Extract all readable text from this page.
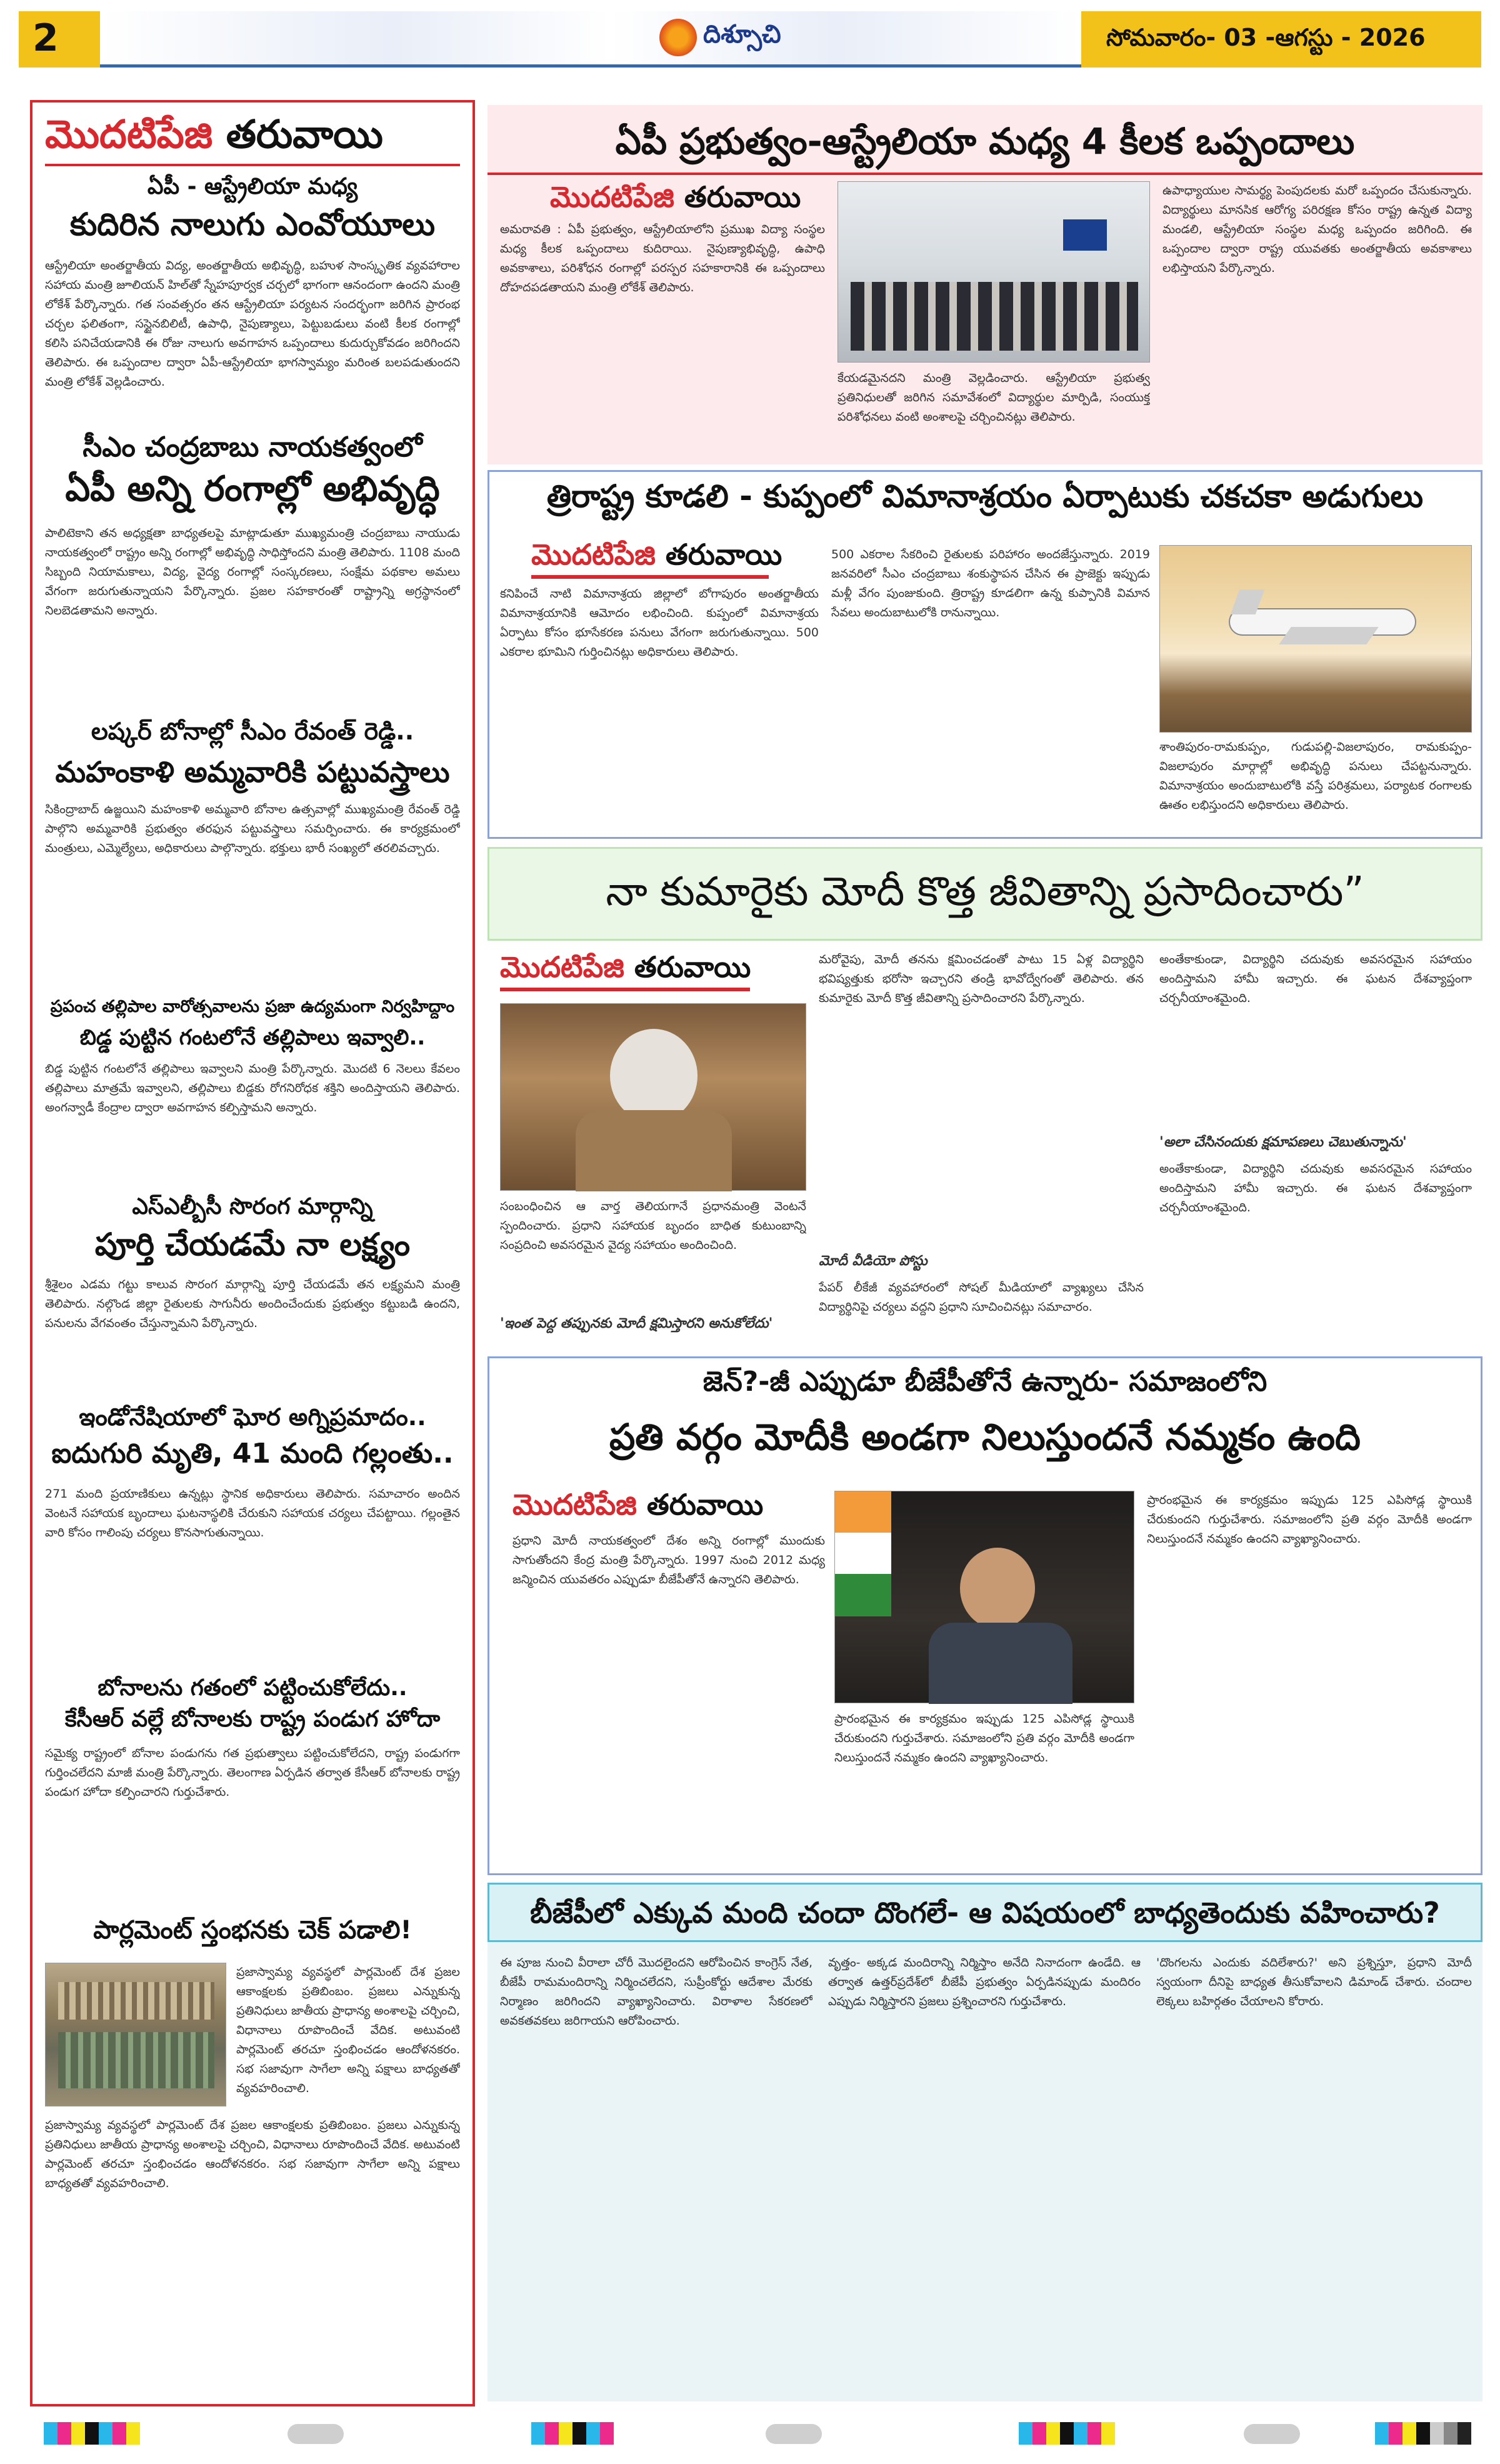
2	దిశ్సూచి	సోమవారం- 03 -ఆగస్టు - 2026
మొదటిపేజి తరువాయి
ఏపీ - ఆస్ట్రేలియా మధ్య
కుదిరిన నాలుగు ఎంవోయూలు
ఆస్ట్రేలియా అంతర్జాతీయ విద్య, అంతర్జాతీయ అభివృద్ధి, బహుళ సాంస్కృతిక వ్యవహారాల సహాయ మంత్రి జూలియన్ హిల్‌తో స్నేహపూర్వక చర్చలో భాగంగా ఆనందంగా ఉందని మంత్రి లోకేశ్ పేర్కొన్నారు. గత సంవత్సరం తన ఆస్ట్రేలియా పర్యటన సందర్భంగా జరిగిన ప్రారంభ చర్చల ఫలితంగా, సస్టైనబిలిటీ, ఉపాధి, నైపుణ్యాలు, పెట్టుబడులు వంటి కీలక రంగాల్లో కలిసి పనిచేయడానికి ఈ రోజు నాలుగు అవగాహన ఒప్పందాలు కుదుర్చుకోవడం జరిగిందని తెలిపారు. ఈ ఒప్పందాల ద్వారా ఏపీ-ఆస్ట్రేలియా భాగస్వామ్యం మరింత బలపడుతుందని మంత్రి లోకేశ్ వెల్లడించారు.
సీఎం చంద్రబాబు నాయకత్వంలో
ఏపీ అన్ని రంగాల్లో అభివృద్ధి
పాలిటెకాని తన అధ్యక్షతా బాధ్యతలపై మాట్లాడుతూ ముఖ్యమంత్రి చంద్రబాబు నాయుడు నాయకత్వంలో రాష్ట్రం అన్ని రంగాల్లో అభివృద్ధి సాధిస్తోందని మంత్రి తెలిపారు. 1108 మంది సిబ్బంది నియామకాలు, విద్య, వైద్య రంగాల్లో సంస్కరణలు, సంక్షేమ పథకాల అమలు వేగంగా జరుగుతున్నాయని పేర్కొన్నారు. ప్రజల సహకారంతో రాష్ట్రాన్ని అగ్రస్థానంలో నిలబెడతామని అన్నారు.
లష్కర్ బోనాల్లో సీఎం రేవంత్ రెడ్డి..
మహంకాళి అమ్మవారికి పట్టువస్త్రాలు
సికింద్రాబాద్ ఉజ్జయిని మహంకాళి అమ్మవారి బోనాల ఉత్సవాల్లో ముఖ్యమంత్రి రేవంత్ రెడ్డి పాల్గొని అమ్మవారికి ప్రభుత్వం తరఫున పట్టువస్త్రాలు సమర్పించారు. ఈ కార్యక్రమంలో మంత్రులు, ఎమ్మెల్యేలు, అధికారులు పాల్గొన్నారు. భక్తులు భారీ సంఖ్యలో తరలివచ్చారు.
ప్రపంచ తల్లిపాల వారోత్సవాలను ప్రజా ఉద్యమంగా నిర్వహిద్దాం
బిడ్డ పుట్టిన గంటలోనే తల్లిపాలు ఇవ్వాలి..
బిడ్డ పుట్టిన గంటలోనే తల్లిపాలు ఇవ్వాలని మంత్రి పేర్కొన్నారు. మొదటి 6 నెలలు కేవలం తల్లిపాలు మాత్రమే ఇవ్వాలని, తల్లిపాలు బిడ్డకు రోగనిరోధక శక్తిని అందిస్తాయని తెలిపారు. అంగన్వాడీ కేంద్రాల ద్వారా అవగాహన కల్పిస్తామని అన్నారు.
ఎస్ఎల్బీసీ సొరంగ మార్గాన్ని
పూర్తి చేయడమే నా లక్ష్యం
శ్రీశైలం ఎడమ గట్టు కాలువ సొరంగ మార్గాన్ని పూర్తి చేయడమే తన లక్ష్యమని మంత్రి తెలిపారు. నల్గొండ జిల్లా రైతులకు సాగునీరు అందించేందుకు ప్రభుత్వం కట్టుబడి ఉందని, పనులను వేగవంతం చేస్తున్నామని పేర్కొన్నారు.
ఇండోనేషియాలో ఘోర అగ్నిప్రమాదం..
ఐదుగురి మృతి, 41 మంది గల్లంతు..
271 మంది ప్రయాణికులు ఉన్నట్లు స్థానిక అధికారులు తెలిపారు. సమాచారం అందిన వెంటనే సహాయక బృందాలు ఘటనాస్థలికి చేరుకుని సహాయక చర్యలు చేపట్టాయి. గల్లంతైన వారి కోసం గాలింపు చర్యలు కొనసాగుతున్నాయి.
బోనాలను గతంలో పట్టించుకోలేదు..
కేసీఆర్ వల్లే బోనాలకు రాష్ట్ర పండుగ హోదా
సమైక్య రాష్ట్రంలో బోనాల పండుగను గత ప్రభుత్వాలు పట్టించుకోలేదని, రాష్ట్ర పండుగగా గుర్తించలేదని మాజీ మంత్రి పేర్కొన్నారు. తెలంగాణ ఏర్పడిన తర్వాత కేసీఆర్ బోనాలకు రాష్ట్ర పండుగ హోదా కల్పించారని గుర్తుచేశారు.
పార్లమెంట్ స్తంభనకు చెక్ పడాలి!
ప్రజాస్వామ్య వ్యవస్థలో పార్లమెంట్ దేశ ప్రజల ఆకాంక్షలకు ప్రతిబింబం. ప్రజలు ఎన్నుకున్న ప్రతినిధులు జాతీయ ప్రాధాన్య అంశాలపై చర్చించి, విధానాలు రూపొందించే వేదిక. అటువంటి పార్లమెంట్ తరచూ స్తంభించడం ఆందోళనకరం. సభ సజావుగా సాగేలా అన్ని పక్షాలు బాధ్యతతో వ్యవహరించాలి.
ప్రజాస్వామ్య వ్యవస్థలో పార్లమెంట్ దేశ ప్రజల ఆకాంక్షలకు ప్రతిబింబం. ప్రజలు ఎన్నుకున్న ప్రతినిధులు జాతీయ ప్రాధాన్య అంశాలపై చర్చించి, విధానాలు రూపొందించే వేదిక. అటువంటి పార్లమెంట్ తరచూ స్తంభించడం ఆందోళనకరం. సభ సజావుగా సాగేలా అన్ని పక్షాలు బాధ్యతతో వ్యవహరించాలి.
ఏపీ ప్రభుత్వం-ఆస్ట్రేలియా మధ్య 4 కీలక ఒప్పందాలు
మొదటిపేజి తరువాయి
అమరావతి : ఏపీ ప్రభుత్వం, ఆస్ట్రేలియాలోని ప్రముఖ విద్యా సంస్థల మధ్య కీలక ఒప్పందాలు కుదిరాయి. నైపుణ్యాభివృద్ధి, ఉపాధి అవకాశాలు, పరిశోధన రంగాల్లో పరస్పర సహకారానికి ఈ ఒప్పందాలు దోహదపడతాయని మంత్రి లోకేశ్ తెలిపారు.
కేయడమైనదని మంత్రి వెల్లడించారు. ఆస్ట్రేలియా ప్రభుత్వ ప్రతినిధులతో జరిగిన సమావేశంలో విద్యార్థుల మార్పిడి, సంయుక్త పరిశోధనలు వంటి అంశాలపై చర్చించినట్లు తెలిపారు.
ఉపాధ్యాయుల సామర్థ్య పెంపుదలకు మరో ఒప్పందం చేసుకున్నారు. విద్యార్థులు మానసిక ఆరోగ్య పరిరక్షణ కోసం రాష్ట్ర ఉన్నత విద్యా మండలి, ఆస్ట్రేలియా సంస్థల మధ్య ఒప్పందం జరిగింది. ఈ ఒప్పందాల ద్వారా రాష్ట్ర యువతకు అంతర్జాతీయ అవకాశాలు లభిస్తాయని పేర్కొన్నారు.
త్రిరాష్ట్ర కూడలి - కుప్పంలో విమానాశ్రయం ఏర్పాటుకు చకచకా అడుగులు
మొదటిపేజి తరువాయి
కనిపించే నాటి విమానాశ్రయ జిల్లాలో బోగాపురం అంతర్జాతీయ విమానాశ్రయానికి ఆమోదం లభించింది. కుప్పంలో విమానాశ్రయ ఏర్పాటు కోసం భూసేకరణ పనులు వేగంగా జరుగుతున్నాయి. 500 ఎకరాల భూమిని గుర్తించినట్లు అధికారులు తెలిపారు.
500 ఎకరాల సేకరించి రైతులకు పరిహారం అందజేస్తున్నారు. 2019 జనవరిలో సీఎం చంద్రబాబు శంకుస్థాపన చేసిన ఈ ప్రాజెక్టు ఇప్పుడు మళ్లీ వేగం పుంజుకుంది. త్రిరాష్ట్ర కూడలిగా ఉన్న కుప్పానికి విమాన సేవలు అందుబాటులోకి రానున్నాయి.
శాంతిపురం-రామకుప్పం, గుడుపల్లి-విజలాపురం, రామకుప్పం-విజలాపురం మార్గాల్లో అభివృద్ధి పనులు చేపట్టనున్నారు. విమానాశ్రయం అందుబాటులోకి వస్తే పరిశ్రమలు, పర్యాటక రంగాలకు ఊతం లభిస్తుందని అధికారులు తెలిపారు.
నా కుమారైకు మోదీ కొత్త జీవితాన్ని ప్రసాదించారు”
మొదటిపేజి తరువాయి
సంబంధించిన ఆ వార్త తెలియగానే ప్రధానమంత్రి వెంటనే స్పందించారు. ప్రధాని సహాయక బృందం బాధిత కుటుంబాన్ని సంప్రదించి అవసరమైన వైద్య సహాయం అందించింది.
'ఇంత పెద్ద తప్పునకు మోదీ క్షమిస్తారని అనుకోలేదు'
మరోవైపు, మోదీ తనను క్షమించడంతో పాటు 15 ఏళ్ల విద్యార్థిని భవిష్యత్తుకు భరోసా ఇచ్చారని తండ్రి భావోద్వేగంతో తెలిపారు. తన కుమారైకు మోదీ కొత్త జీవితాన్ని ప్రసాదించారని పేర్కొన్నారు.
మోదీ వీడియో పోస్టు
పేపర్ లీకేజీ వ్యవహారంలో సోషల్ మీడియాలో వ్యాఖ్యలు చేసిన విద్యార్థినిపై చర్యలు వద్దని ప్రధాని సూచించినట్లు సమాచారం.
'అలా చేసినందుకు క్షమాపణలు చెబుతున్నాను'
అంతేకాకుండా, విద్యార్థిని చదువుకు అవసరమైన సహాయం అందిస్తామని హామీ ఇచ్చారు. ఈ ఘటన దేశవ్యాప్తంగా చర్చనీయాంశమైంది.
అంతేకాకుండా, విద్యార్థిని చదువుకు అవసరమైన సహాయం అందిస్తామని హామీ ఇచ్చారు. ఈ ఘటన దేశవ్యాప్తంగా చర్చనీయాంశమైంది.
జెన్?-జీ ఎప్పుడూ బీజేపీతోనే ఉన్నారు- సమాజంలోని
ప్రతి వర్గం మోదీకి అండగా నిలుస్తుందనే నమ్మకం ఉంది
మొదటిపేజి తరువాయి
ప్రధాని మోదీ నాయకత్వంలో దేశం అన్ని రంగాల్లో ముందుకు సాగుతోందని కేంద్ర మంత్రి పేర్కొన్నారు. 1997 నుంచి 2012 మధ్య జన్మించిన యువతరం ఎప్పుడూ బీజేపీతోనే ఉన్నారని తెలిపారు.
ప్రారంభమైన ఈ కార్యక్రమం ఇప్పుడు 125 ఎపిసోడ్ల స్థాయికి చేరుకుందని గుర్తుచేశారు. సమాజంలోని ప్రతి వర్గం మోదీకి అండగా నిలుస్తుందనే నమ్మకం ఉందని వ్యాఖ్యానించారు.
ప్రారంభమైన ఈ కార్యక్రమం ఇప్పుడు 125 ఎపిసోడ్ల స్థాయికి చేరుకుందని గుర్తుచేశారు. సమాజంలోని ప్రతి వర్గం మోదీకి అండగా నిలుస్తుందనే నమ్మకం ఉందని వ్యాఖ్యానించారు.
బీజేపీలో ఎక్కువ మంది చందా దొంగలే- ఆ విషయంలో బాధ్యతెందుకు వహించారు?
ఈ పూజ నుంచి వీరాలా చోరీ మొదలైందని ఆరోపించిన కాంగ్రెస్ నేత, బీజేపీ రామమందిరాన్ని నిర్మించలేదని, సుప్రీంకోర్టు ఆదేశాల మేరకు నిర్మాణం జరిగిందని వ్యాఖ్యానించారు. విరాళాల సేకరణలో అవకతవకలు జరిగాయని ఆరోపించారు.
వృత్తం- అక్కడ మందిరాన్ని నిర్మిస్తాం అనేది నినాదంగా ఉండేది. ఆ తర్వాత ఉత్తర్‌ప్రదేశ్‌లో బీజేపీ ప్రభుత్వం ఏర్పడినప్పుడు మందిరం ఎప్పుడు నిర్మిస్తారని ప్రజలు ప్రశ్నించారని గుర్తుచేశారు.
'దొంగలను ఎందుకు వదిలేశారు?' అని ప్రశ్నిస్తూ, ప్రధాని మోదీ స్వయంగా దీనిపై బాధ్యత తీసుకోవాలని డిమాండ్ చేశారు. చందాల లెక్కలు బహిర్గతం చేయాలని కోరారు.
